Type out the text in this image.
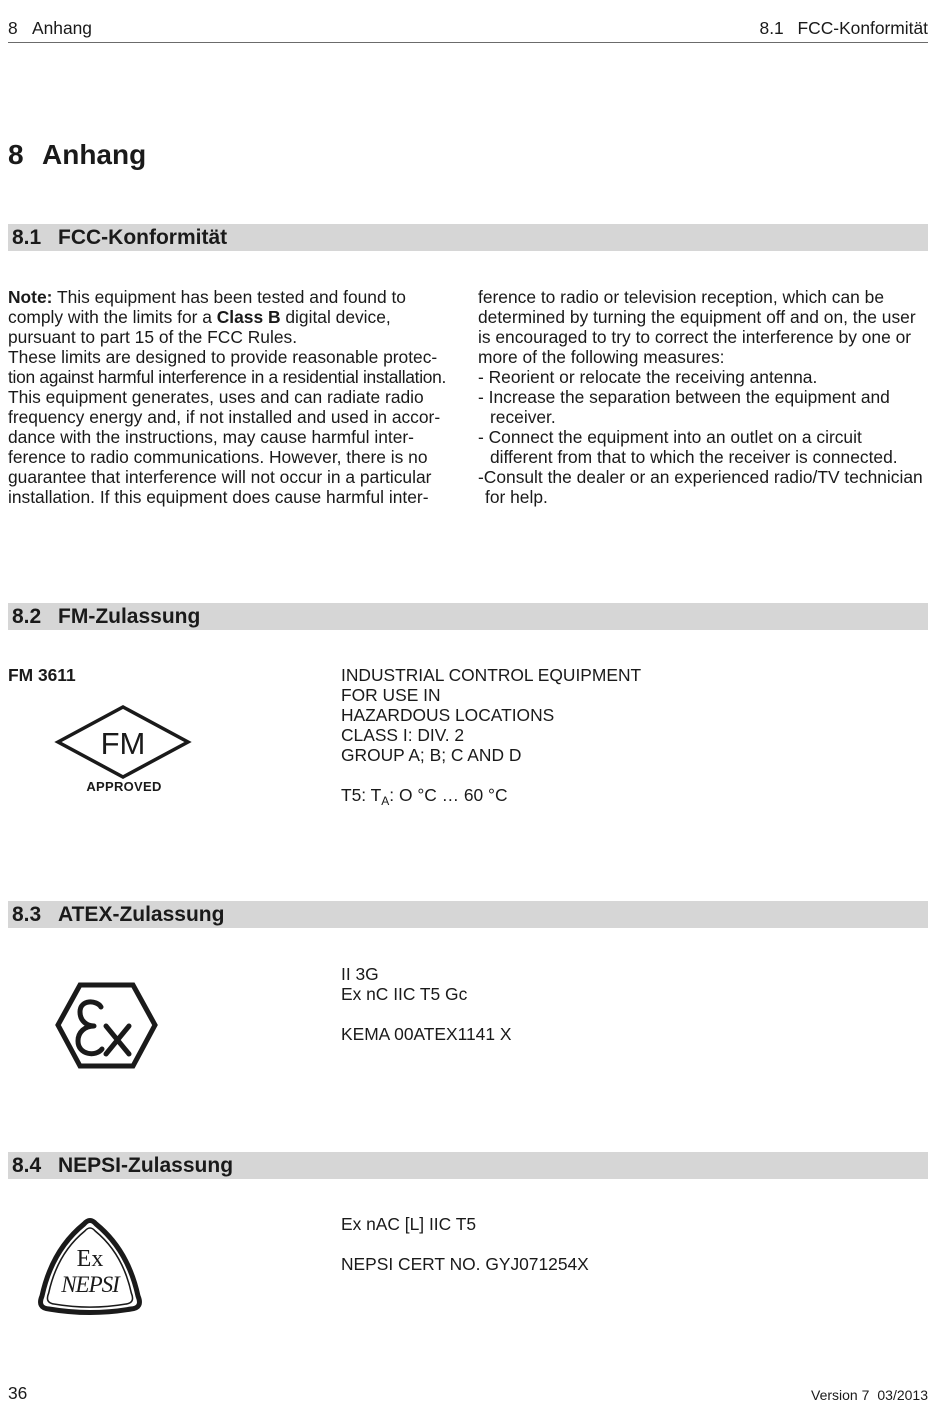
8 Anhang	8.1 FCC-Konformität
8 Anhang
8.1 FCC-Konformität
Note: This equipment has been tested and found to
comply with the limits for a Class B digital device,
pursuant to part 15 of the FCC Rules.
These limits are designed to provide reasonable protec-
tion against harmful interference in a residential installation.
This equipment generates, uses and can radiate radio
frequency energy and, if not installed and used in accor-
dance with the instructions, may cause harmful inter-
ference to radio communications. However, there is no
guarantee that interference will not occur in a particular
installation. If this equipment does cause harmful inter-
ference to radio or television reception, which can be
determined by turning the equipment off and on, the user
is encouraged to try to correct the interference by one or
more of the following measures:
- Reorient or relocate the receiving antenna.
- Increase the separation between the equipment and
receiver.
- Connect the equipment into an outlet on a circuit
different from that to which the receiver is connected.
-Consult the dealer or an experienced radio/TV technician
for help.
8.2 FM-Zulassung
FM 3611
FM
APPROVED
INDUSTRIAL CONTROL EQUIPMENT
FOR USE IN
HAZARDOUS LOCATIONS
CLASS I: DIV. 2
GROUP A; B; C AND D
T5: $T_A$: O °C … 60 °C
8.3 ATEX-Zulassung
II 3G
Ex nC IIC T5 Gc
KEMA 00ATEX1141 X
8.4 NEPSI-Zulassung
Ex
NEPSI
Ex nAC [L] IIC T5
NEPSI CERT NO. GYJ071254X
36	Version 7 03/2013
